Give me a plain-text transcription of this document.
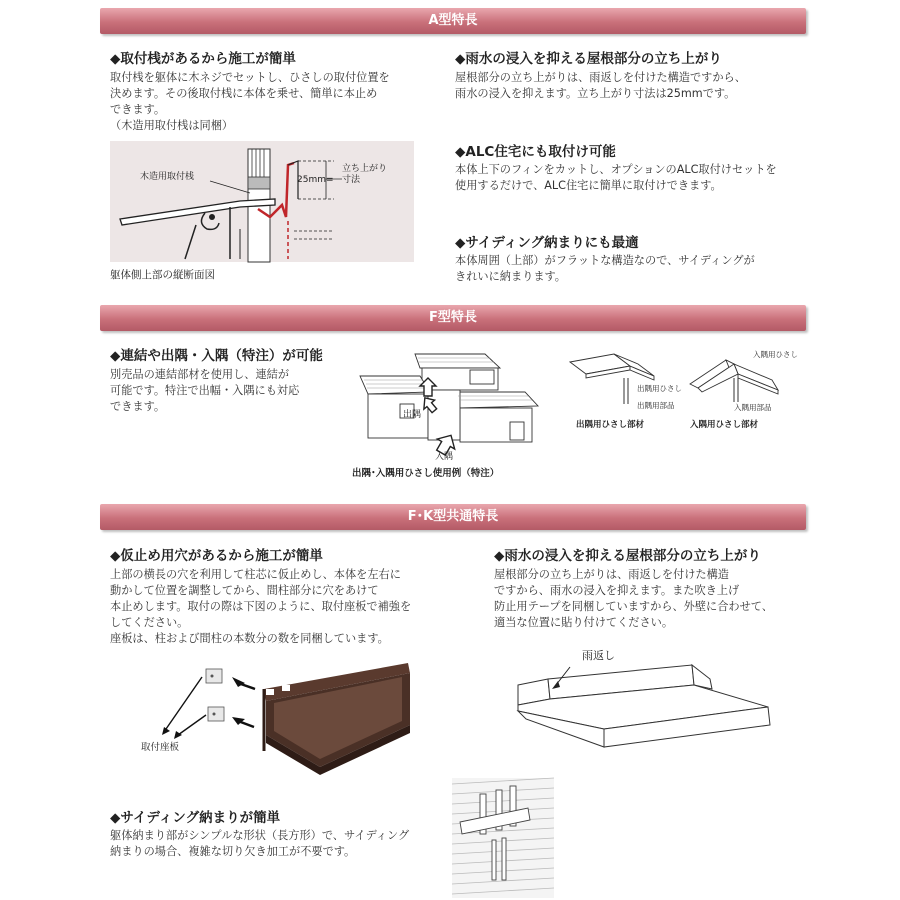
A型特長
◆取付桟があるから施工が簡単
取付桟を躯体に木ネジでセットし、ひさしの取付位置を
決めます。その後取付桟に本体を乗せ、簡単に本止め
できます。
（木造用取付桟は同梱）
木造用取付桟	25mm=
立ち上がり
寸法
躯体側上部の縦断面図
◆雨水の浸入を抑える屋根部分の立ち上がり
屋根部分の立ち上がりは、雨返しを付けた構造ですから、
雨水の浸入を抑えます。立ち上がり寸法は25mmです。
◆ALC住宅にも取付け可能
本体上下のフィンをカットし、オプションのALC取付けセットを
使用するだけで、ALC住宅に簡単に取付けできます。
◆サイディング納まりにも最適
本体周囲（上部）がフラットな構造なので、サイディングが
きれいに納まります。
F型特長
◆連結や出隅・入隅（特注）が可能
別売品の連結部材を使用し、連結が
可能です。特注で出幅・入隅にも対応
できます。
出隅
入隅
出隅･入隅用ひさし使用例（特注）
出隅用ひさし
出隅用部品
出隅用ひさし部材
入隅用ひさし
入隅用部品
入隅用ひさし部材
F･K型共通特長
◆仮止め用穴があるから施工が簡単
上部の横長の穴を利用して柱芯に仮止めし、本体を左右に
動かして位置を調整してから、間柱部分に穴をあけて
本止めします。取付の際は下図のように、取付座板で補強を
してください。
座板は、柱および間柱の本数分の数を同梱しています。
取付座板
◆雨水の浸入を抑える屋根部分の立ち上がり
屋根部分の立ち上がりは、雨返しを付けた構造
ですから、雨水の浸入を抑えます。また吹き上げ
防止用テープを同梱していますから、外壁に合わせて、
適当な位置に貼り付けてください。
雨返し
◆サイディング納まりが簡単
躯体納まり部がシンプルな形状（長方形）で、サイディング
納まりの場合、複雑な切り欠き加工が不要です。
